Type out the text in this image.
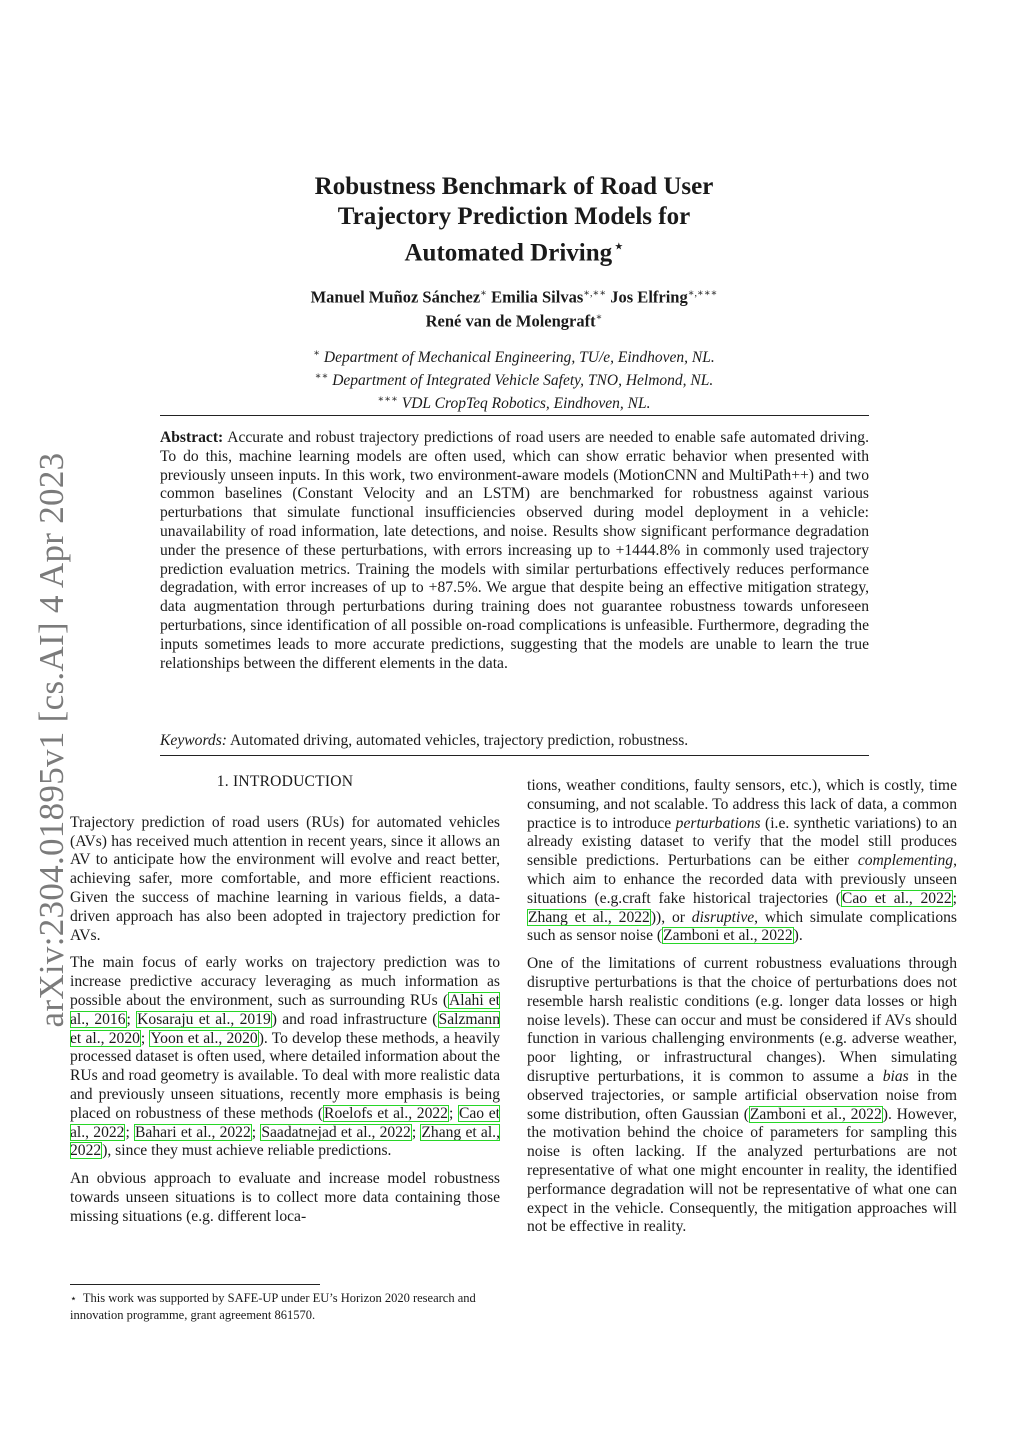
arXiv:2304.01895v1 [cs.AI] 4 Apr 2023
Robustness Benchmark of Road User
Trajectory Prediction Models for
Automated Driving ⋆
Manuel Muñoz Sánchez∗ Emilia Silvas∗,∗∗ Jos Elfring∗,∗∗∗
René van de Molengraft∗
∗ Department of Mechanical Engineering, TU/e, Eindhoven, NL.
∗∗ Department of Integrated Vehicle Safety, TNO, Helmond, NL.
∗∗∗ VDL CropTeq Robotics, Eindhoven, NL.
Abstract: Accurate and robust trajectory predictions of road users are needed to enable safe automated driving. To do this, machine learning models are often used, which can show erratic behavior when presented with previously unseen inputs. In this work, two environment-aware models (MotionCNN and MultiPath++) and two common baselines (Constant Velocity and an LSTM) are benchmarked for robustness against various perturbations that simulate functional insufficiencies observed during model deployment in a vehicle: unavailability of road information, late detections, and noise. Results show significant performance degradation under the presence of these perturbations, with errors increasing up to +1444.8% in commonly used trajectory prediction evaluation metrics. Training the models with similar perturbations effectively reduces performance degradation, with error increases of up to +87.5%. We argue that despite being an effective mitigation strategy, data augmentation through perturbations during training does not guarantee robustness towards unforeseen perturbations, since identification of all possible on-road complications is unfeasible. Furthermore, degrading the inputs sometimes leads to more accurate predictions, suggesting that the models are unable to learn the true relationships between the different elements in the data.
Keywords: Automated driving, automated vehicles, trajectory prediction, robustness.
1. INTRODUCTION

Trajectory prediction of road users (RUs) for automated vehicles (AVs) has received much attention in recent years, since it allows an AV to anticipate how the environment will evolve and react better, achieving safer, more comfortable, and more efficient reactions. Given the success of machine learning in various fields, a data-driven approach has also been adopted in trajectory prediction for AVs.

The main focus of early works on trajectory prediction was to increase predictive accuracy leveraging as much information as possible about the environment, such as surrounding RUs (Alahi et al., 2016; Kosaraju et al., 2019) and road infrastructure (Salzmann et al., 2020; Yoon et al., 2020). To develop these methods, a heavily processed dataset is often used, where detailed information about the RUs and road geometry is available. To deal with more realistic data and previously unseen situations, recently more emphasis is being placed on robustness of these methods (Roelofs et al., 2022; Cao et al., 2022; Bahari et al., 2022; Saadatnejad et al., 2022; Zhang et al., 2022), since they must achieve reliable predictions.

An obvious approach to evaluate and increase model robustness towards unseen situations is to collect more data containing those missing situations (e.g. different loca-

tions, weather conditions, faulty sensors, etc.), which is costly, time consuming, and not scalable. To address this lack of data, a common practice is to introduce perturbations (i.e. synthetic variations) to an already existing dataset to verify that the model still produces sensible predictions. Perturbations can be either complementing, which aim to enhance the recorded data with previously unseen situations (e.g.craft fake historical trajectories (Cao et al., 2022; Zhang et al., 2022)), or disruptive, which simulate complications such as sensor noise (Zamboni et al., 2022).

One of the limitations of current robustness evaluations through disruptive perturbations is that the choice of perturbations does not resemble harsh realistic conditions (e.g. longer data losses or high noise levels). These can occur and must be considered if AVs should function in various challenging environments (e.g. adverse weather, poor lighting, or infrastructural changes). When simulating disruptive perturbations, it is common to assume a bias in the observed trajectories, or sample artificial observation noise from some distribution, often Gaussian (Zamboni et al., 2022). However, the motivation behind the choice of parameters for sampling this noise is often lacking. If the analyzed perturbations are not representative of what one might encounter in reality, the identified performance degradation will not be representative of what one can expect in the vehicle. Consequently, the mitigation approaches will not be effective in reality.

⋆ This work was supported by SAFE-UP under EU’s Horizon 2020 research and innovation programme, grant agreement 861570.
